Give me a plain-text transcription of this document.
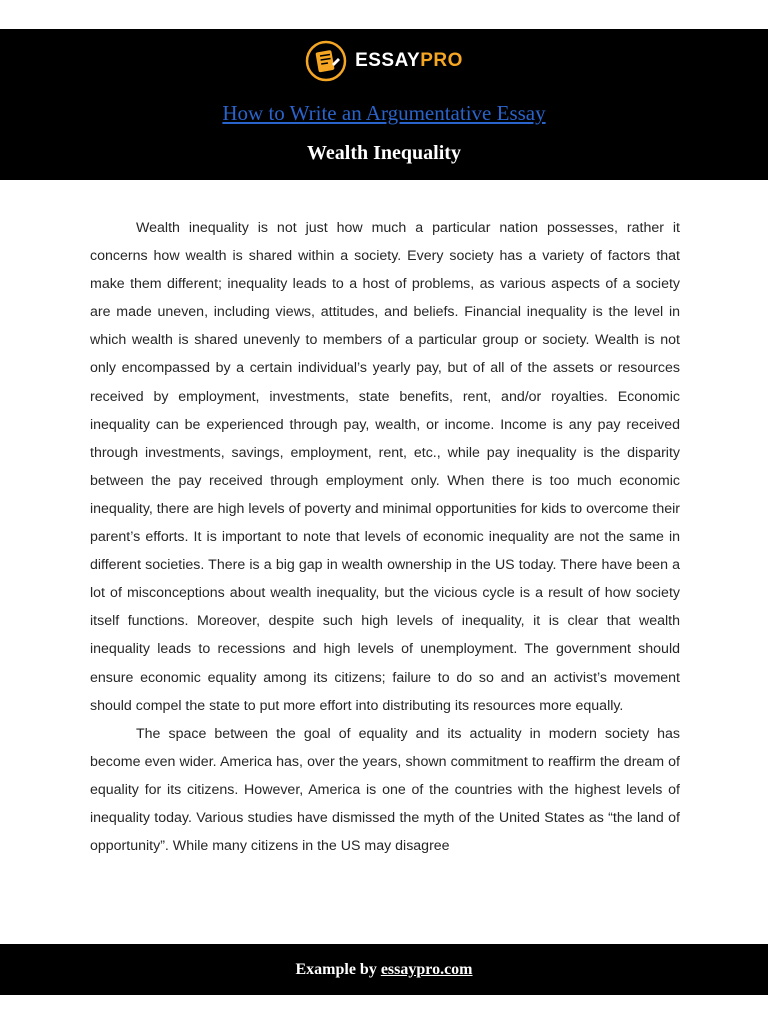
ESSAYPRO
How to Write an Argumentative Essay
Wealth Inequality

Wealth inequality is not just how much a particular nation possesses, rather it concerns how wealth is shared within a society. Every society has a variety of factors that make them different; inequality leads to a host of problems, as various aspects of a society are made uneven, including views, attitudes, and beliefs. Financial inequality is the level in which wealth is shared unevenly to members of a particular group or society. Wealth is not only encompassed by a certain individual’s yearly pay, but of all of the assets or resources received by employment, investments, state benefits, rent, and/or royalties. Economic inequality can be experienced through pay, wealth, or income. Income is any pay received through investments, savings, employment, rent, etc., while pay inequality is the disparity between the pay received through employment only. When there is too much economic inequality, there are high levels of poverty and minimal opportunities for kids to overcome their parent’s efforts. It is important to note that levels of economic inequality are not the same in different societies. There is a big gap in wealth ownership in the US today. There have been a lot of misconceptions about wealth inequality, but the vicious cycle is a result of how society itself functions. Moreover, despite such high levels of inequality, it is clear that wealth inequality leads to recessions and high levels of unemployment. The government should ensure economic equality among its citizens; failure to do so and an activist’s movement should compel the state to put more effort into distributing its resources more equally.

The space between the goal of equality and its actuality in modern society has become even wider. America has, over the years, shown commitment to reaffirm the dream of equality for its citizens. However, America is one of the countries with the highest levels of inequality today. Various studies have dismissed the myth of the United States as “the land of opportunity”. While many citizens in the US may disagree

Example by essaypro.com
